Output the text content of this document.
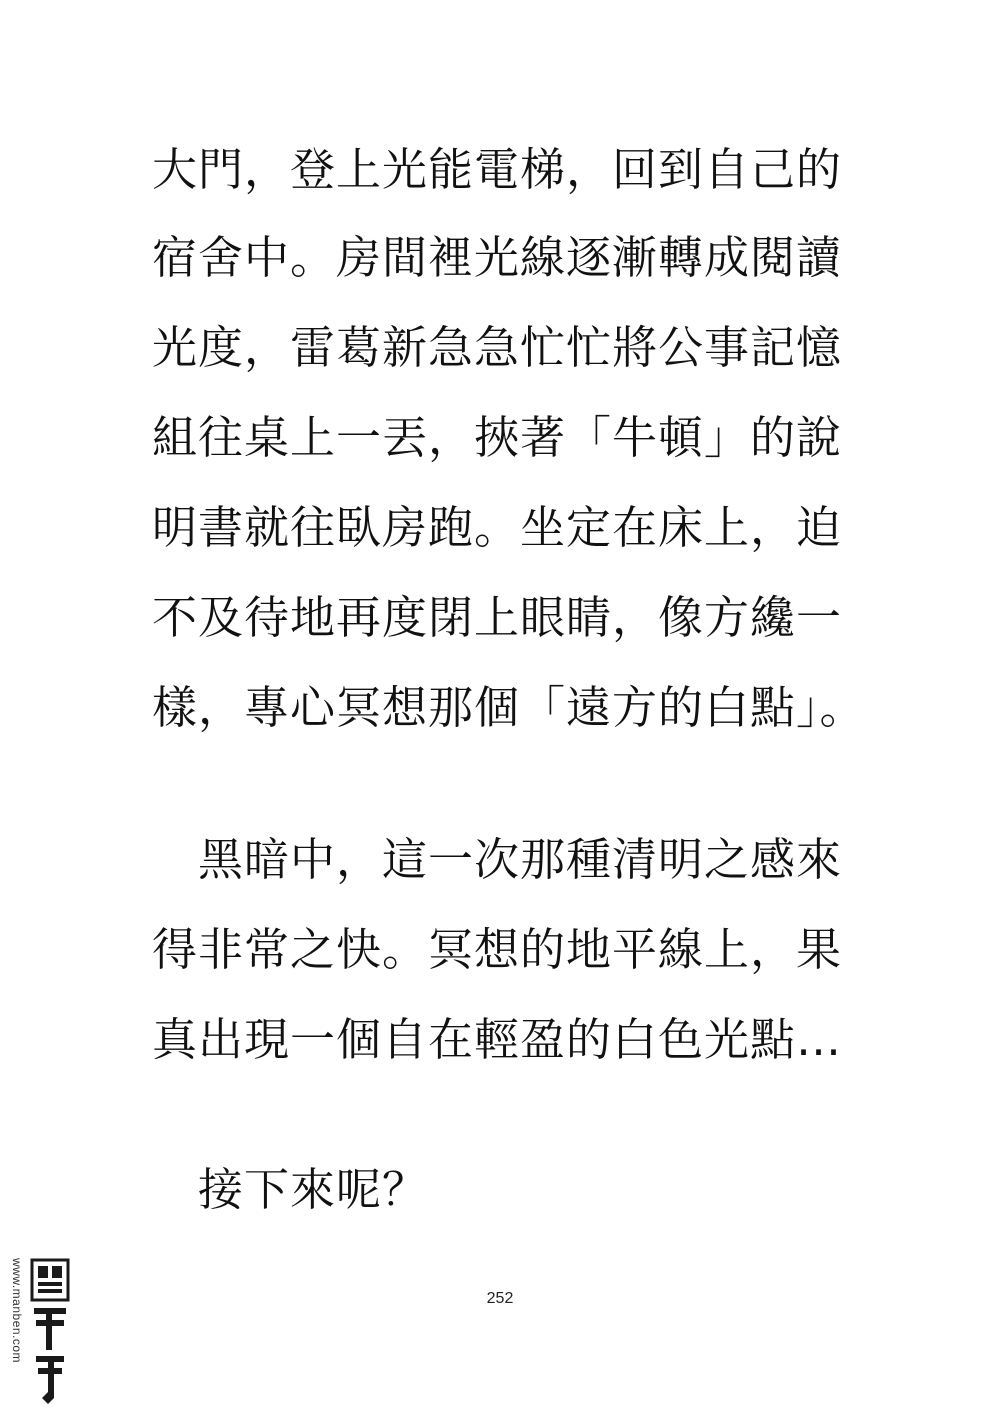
大門，登上光能電梯，回到自己的
宿舍中。房間裡光線逐漸轉成閱讀
光度，雷葛新急急忙忙將公事記憶
組往桌上一丟，挾著「牛頓」的說
明書就往臥房跑。坐定在床上，迫
不及待地再度閉上眼睛，像方纔一
樣，專心冥想那個「遠方的白點」。
　黑暗中，這一次那種清明之感來
得非常之快。冥想的地平線上，果
真出現一個自在輕盈的白色光點…
　接下來呢？
252
www.manben.com
